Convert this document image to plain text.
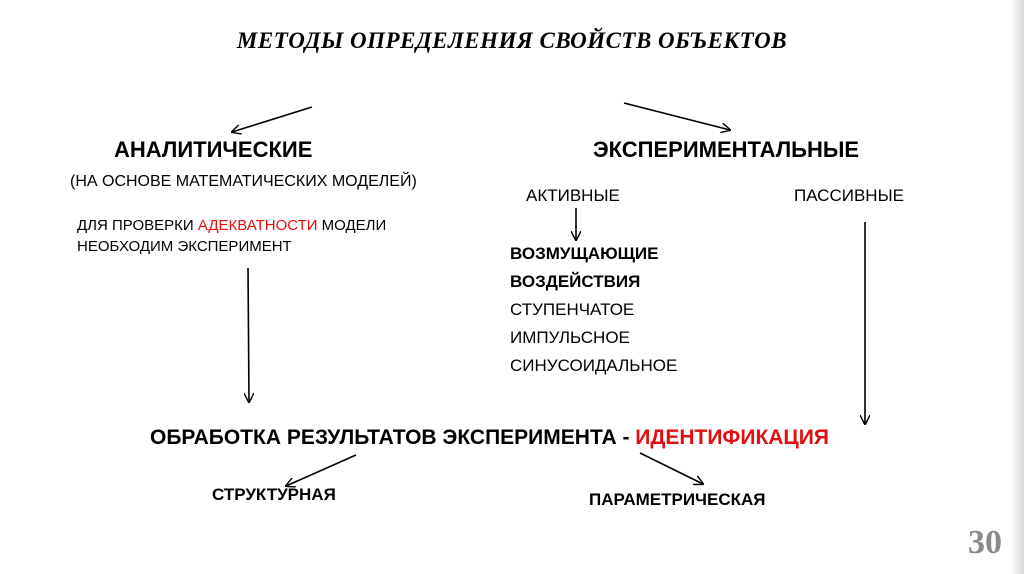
МЕТОДЫ ОПРЕДЕЛЕНИЯ СВОЙСТВ ОБЪЕКТОВ
АНАЛИТИЧЕСКИЕ
(НА ОСНОВЕ МАТЕМАТИЧЕСКИХ МОДЕЛЕЙ)
ДЛЯ ПРОВЕРКИ АДЕКВАТНОСТИ МОДЕЛИ
НЕОБХОДИМ ЭКСПЕРИМЕНТ
ЭКСПЕРИМЕНТАЛЬНЫЕ
АКТИВНЫЕ	ПАССИВНЫЕ
ВОЗМУЩАЮЩИЕ
ВОЗДЕЙСТВИЯ
СТУПЕНЧАТОЕ
ИМПУЛЬСНОЕ
СИНУСОИДАЛЬНОЕ
ОБРАБОТКА РЕЗУЛЬТАТОВ ЭКСПЕРИМЕНТА - ИДЕНТИФИКАЦИЯ
СТРУКТУРНАЯ	ПАРАМЕТРИЧЕСКАЯ
30
